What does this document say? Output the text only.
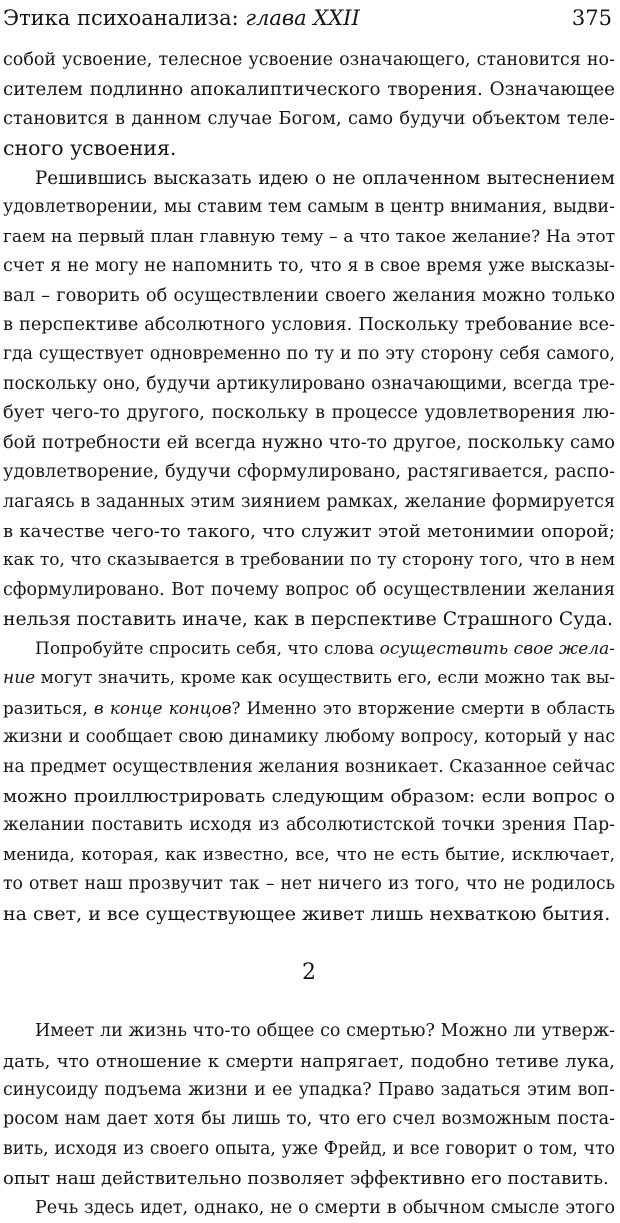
Этика психоанализа: глава XXII	375
собой усвоение, телесное усвоение означающего, становится но-
сителем подлинно апокалиптического творения. Означающее
становится в данном случае Богом, само будучи объектом теле-
сного усвоения.
Решившись высказать идею о не оплаченном вытеснением
удовлетворении, мы ставим тем самым в центр внимания, выдви-
гаем на первый план главную тему – а что такое желание? На этот
счет я не могу не напомнить то, что я в свое время уже высказы-
вал – говорить об осуществлении своего желания можно только
в перспективе абсолютного условия. Поскольку требование все-
гда существует одновременно по ту и по эту сторону себя самого,
поскольку оно, будучи артикулировано означающими, всегда тре-
бует чего-то другого, поскольку в процессе удовлетворения лю-
бой потребности ей всегда нужно что-то другое, поскольку само
удовлетворение, будучи сформулировано, растягивается, распо-
лагаясь в заданных этим зиянием рамках, желание формируется
в качестве чего-то такого, что служит этой метонимии опорой;
как то, что сказывается в требовании по ту сторону того, что в нем
сформулировано. Вот почему вопрос об осуществлении желания
нельзя поставить иначе, как в перспективе Страшного Суда.
Попробуйте спросить себя, что слова осуществить свое жела-
ние могут значить, кроме как осуществить его, если можно так вы-
разиться, в конце концов? Именно это вторжение смерти в область
жизни и сообщает свою динамику любому вопросу, который у нас
на предмет осуществления желания возникает. Сказанное сейчас
можно проиллюстрировать следующим образом: если вопрос о
желании поставить исходя из абсолютистской точки зрения Пар-
менида, которая, как известно, все, что не есть бытие, исключает,
то ответ наш прозвучит так – нет ничего из того, что не родилось
на свет, и все существующее живет лишь нехваткою бытия.
2
Имеет ли жизнь что-то общее со смертью? Можно ли утверж-
дать, что отношение к смерти напрягает, подобно тетиве лука,
синусоиду подъема жизни и ее упадка? Право задаться этим воп-
росом нам дает хотя бы лишь то, что его счел возможным поста-
вить, исходя из своего опыта, уже Фрейд, и все говорит о том, что
опыт наш действительно позволяет эффективно его поставить.
Речь здесь идет, однако, не о смерти в обычном смысле этого
